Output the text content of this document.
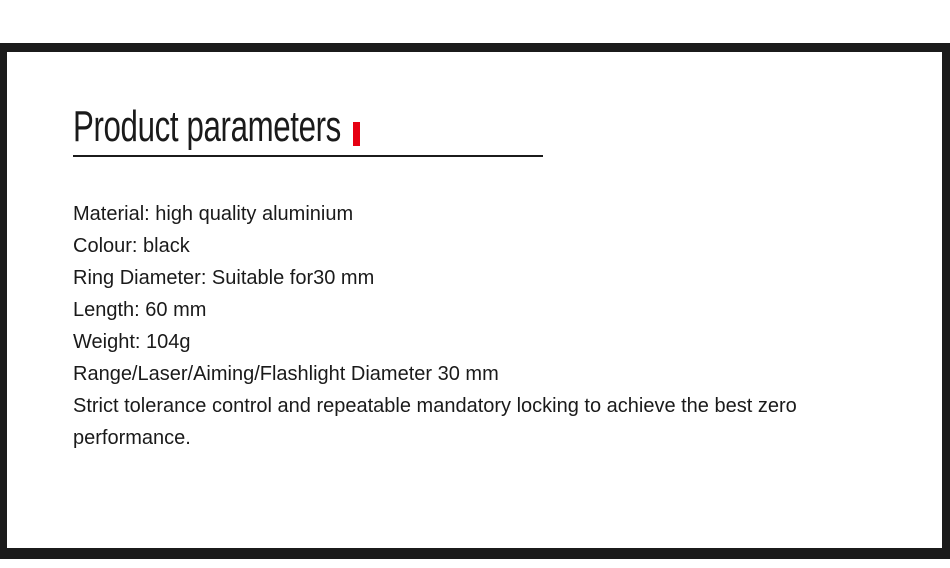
Product parameters
Material: high quality aluminium
Colour: black
Ring Diameter: Suitable for30 mm
Length: 60 mm
Weight: 104g
Range/Laser/Aiming/Flashlight Diameter 30 mm
Strict tolerance control and repeatable mandatory locking to achieve the best zero performance.
